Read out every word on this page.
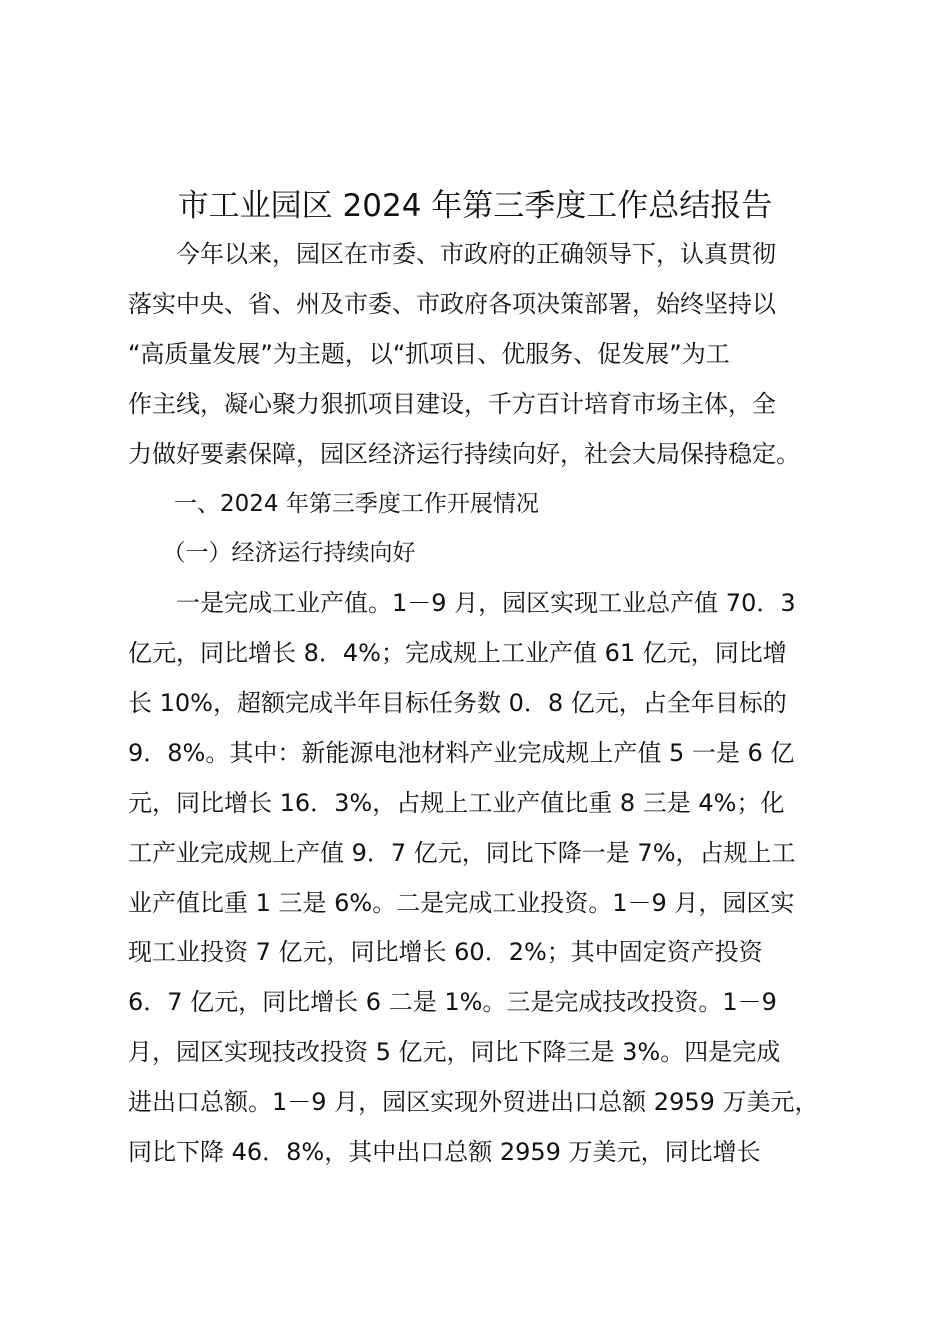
市工业园区 2024 年第三季度工作总结报告
　　今年以来，园区在市委、市政府的正确领导下，认真贯彻
落实中央、省、州及市委、市政府各项决策部署，始终坚持以
“高质量发展”为主题，以“抓项目、优服务、促发展”为工
作主线，凝心聚力狠抓项目建设，千方百计培育市场主体，全
力做好要素保障，园区经济运行持续向好，社会大局保持稳定。
　　一、2024 年第三季度工作开展情况
　　（一）经济运行持续向好
　　一是完成工业产值。1－9 月，园区实现工业总产值 70．3
亿元，同比增长 8．4%；完成规上工业产值 61 亿元，同比增
长 10%，超额完成半年目标任务数 0．8 亿元，占全年目标的
9．8%。其中：新能源电池材料产业完成规上产值 5 一是 6 亿
元，同比增长 16．3%，占规上工业产值比重 8 三是 4%；化
工产业完成规上产值 9．7 亿元，同比下降一是 7%，占规上工
业产值比重 1 三是 6%。二是完成工业投资。1－9 月，园区实
现工业投资 7 亿元，同比增长 60．2%；其中固定资产投资
6．7 亿元，同比增长 6 二是 1%。三是完成技改投资。1－9
月，园区实现技改投资 5 亿元，同比下降三是 3%。四是完成
进出口总额。1－9 月，园区实现外贸进出口总额 2959 万美元，
同比下降 46．8%，其中出口总额 2959 万美元，同比增长
